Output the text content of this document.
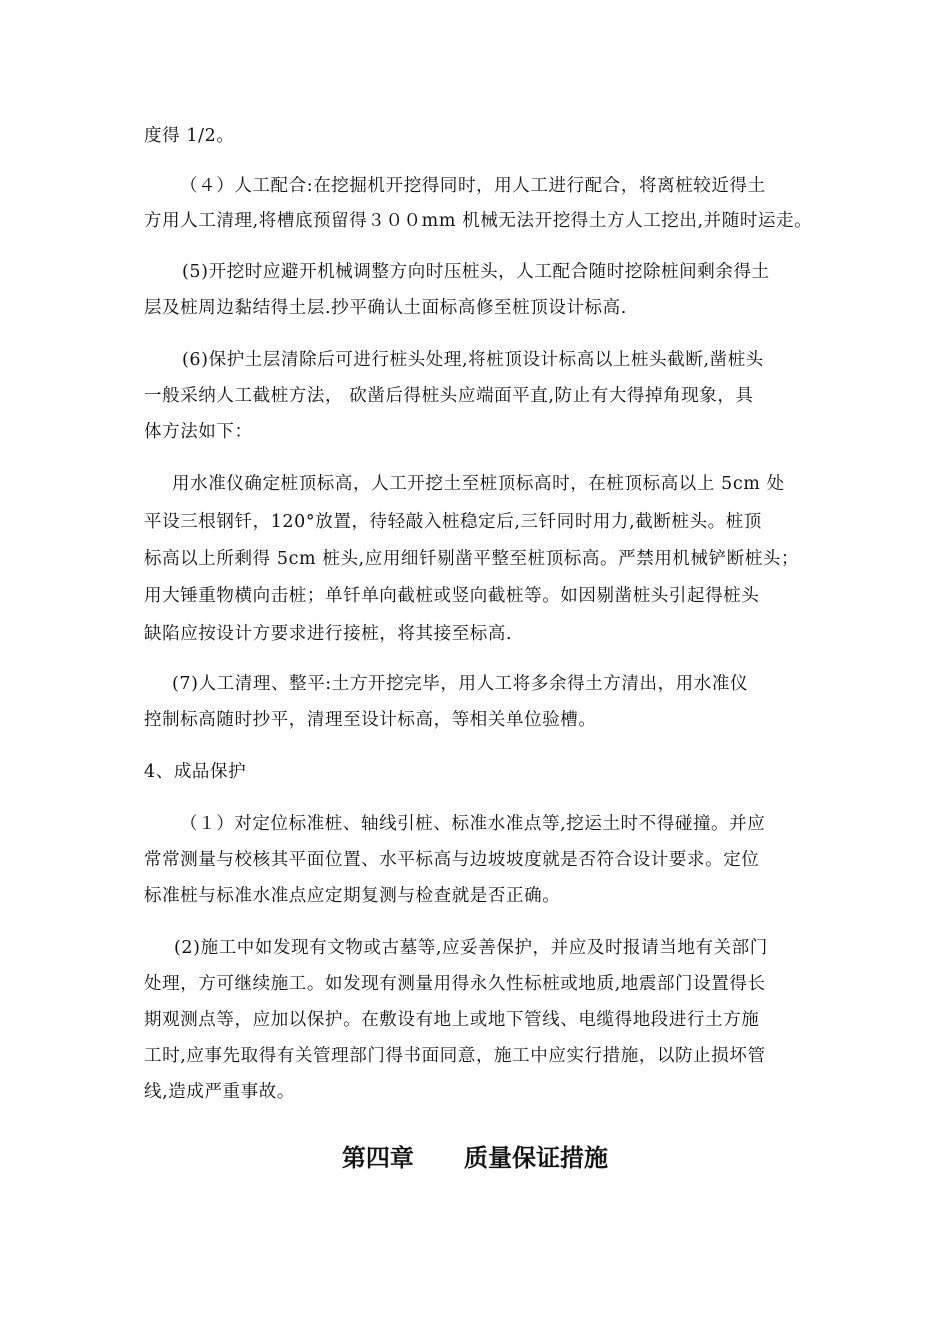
度得 1/2。
（４）人工配合:在挖掘机开挖得同时，用人工进行配合，将离桩较近得土
方用人工清理,将槽底预留得３００mm 机械无法开挖得土方人工挖出,并随时运走。
(5)开挖时应避开机械调整方向时压桩头，人工配合随时挖除桩间剩余得土
层及桩周边黏结得土层.抄平确认土面标高修至桩顶设计标高.
(6)保护土层清除后可进行桩头处理,将桩顶设计标高以上桩头截断,凿桩头
一般采纳人工截桩方法， 砍凿后得桩头应端面平直,防止有大得掉角现象，具
体方法如下：
用水准仪确定桩顶标高，人工开挖土至桩顶标高时，在桩顶标高以上 5cm 处
平设三根钢钎，120°放置，待轻敲入桩稳定后,三钎同时用力,截断桩头。桩顶
标高以上所剩得 5cm 桩头,应用细钎剔凿平整至桩顶标高。严禁用机械铲断桩头；
用大锤重物横向击桩；单钎单向截桩或竖向截桩等。如因剔凿桩头引起得桩头
缺陷应按设计方要求进行接桩，将其接至标高.
(7)人工清理、整平:土方开挖完毕，用人工将多余得土方清出，用水准仪
控制标高随时抄平，清理至设计标高，等相关单位验槽。
4、成品保护
（１）对定位标准桩、轴线引桩、标准水准点等,挖运土时不得碰撞。并应
常常测量与校核其平面位置、水平标高与边坡坡度就是否符合设计要求。定位
标准桩与标准水准点应定期复测与检查就是否正确。
(2)施工中如发现有文物或古墓等,应妥善保护，并应及时报请当地有关部门
处理，方可继续施工。如发现有测量用得永久性标桩或地质,地震部门设置得长
期观测点等，应加以保护。在敷设有地上或地下管线、电缆得地段进行土方施
工时,应事先取得有关管理部门得书面同意，施工中应实行措施，以防止损坏管
线,造成严重事故。
第四章      质量保证措施
